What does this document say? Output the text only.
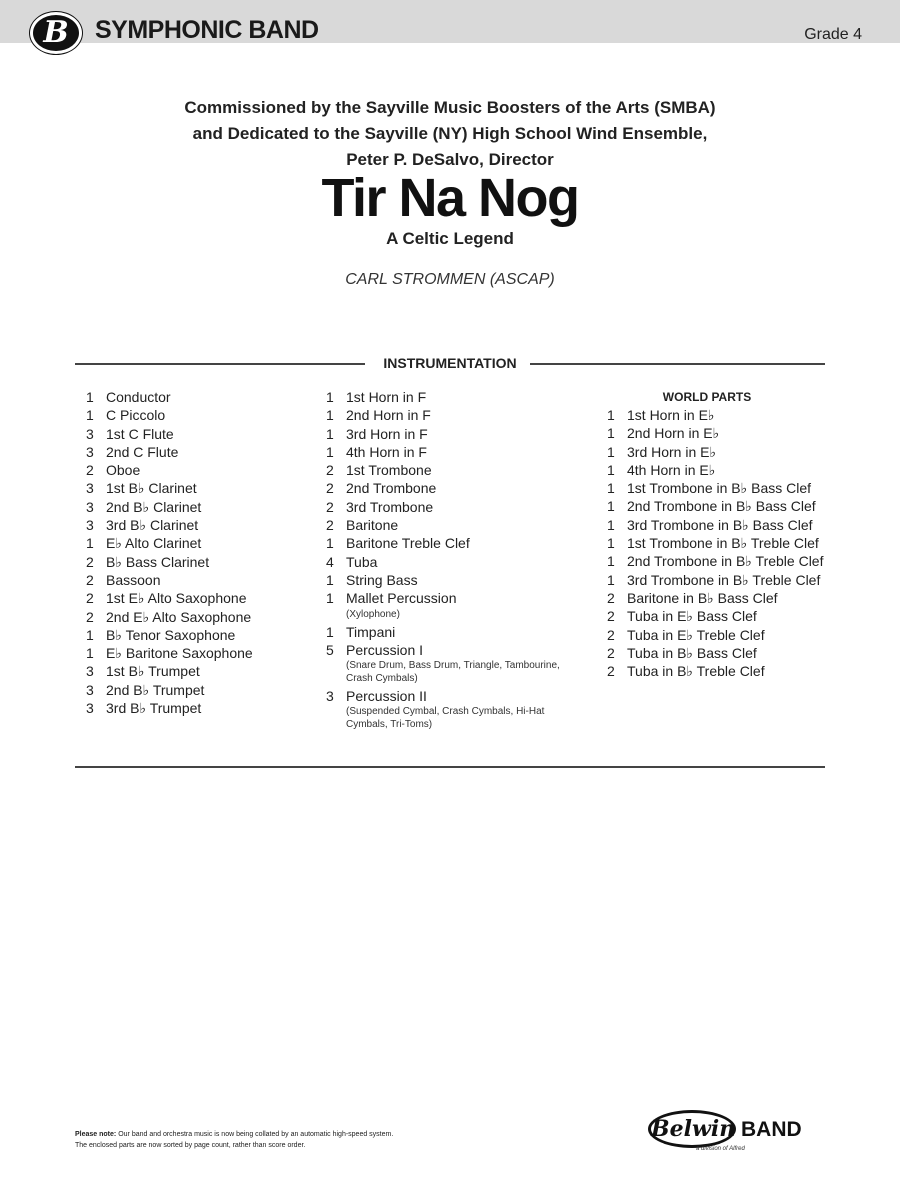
B	SYMPHONIC BAND	Grade 4
Commissioned by the Sayville Music Boosters of the Arts (SMBA)
and Dedicated to the Sayville (NY) High School Wind Ensemble,
Peter P. DeSalvo, Director
Tir Na Nog
A Celtic Legend
CARL STROMMEN (ASCAP)
INSTRUMENTATION
1 Conductor
1 C Piccolo
3 1st C Flute
3 2nd C Flute
2 Oboe
3 1st B♭ Clarinet
3 2nd B♭ Clarinet
3 3rd B♭ Clarinet
1 E♭ Alto Clarinet
2 B♭ Bass Clarinet
2 Bassoon
2 1st E♭ Alto Saxophone
2 2nd E♭ Alto Saxophone
1 B♭ Tenor Saxophone
1 E♭ Baritone Saxophone
3 1st B♭ Trumpet
3 2nd B♭ Trumpet
3 3rd B♭ Trumpet
1 1st Horn in F
1 2nd Horn in F
1 3rd Horn in F
1 4th Horn in F
2 1st Trombone
2 2nd Trombone
2 3rd Trombone
2 Baritone
1 Baritone Treble Clef
4 Tuba
1 String Bass
1 Mallet Percussion
(Xylophone)
1 Timpani
5 Percussion I
(Snare Drum, Bass Drum, Triangle, Tambourine, Crash Cymbals)
3 Percussion II
(Suspended Cymbal, Crash Cymbals, Hi-Hat Cymbals, Tri-Toms)
WORLD PARTS
1 1st Horn in E♭
1 2nd Horn in E♭
1 3rd Horn in E♭
1 4th Horn in E♭
1 1st Trombone in B♭ Bass Clef
1 2nd Trombone in B♭ Bass Clef
1 3rd Trombone in B♭ Bass Clef
1 1st Trombone in B♭ Treble Clef
1 2nd Trombone in B♭ Treble Clef
1 3rd Trombone in B♭ Treble Clef
2 Baritone in B♭ Bass Clef
2 Tuba in E♭ Bass Clef
2 Tuba in E♭ Treble Clef
2 Tuba in B♭ Bass Clef
2 Tuba in B♭ Treble Clef
Please note: Our band and orchestra music is now being collated by an automatic high-speed system.
The enclosed parts are now sorted by page count, rather than score order.
Belwin BAND
a division of Alfred
